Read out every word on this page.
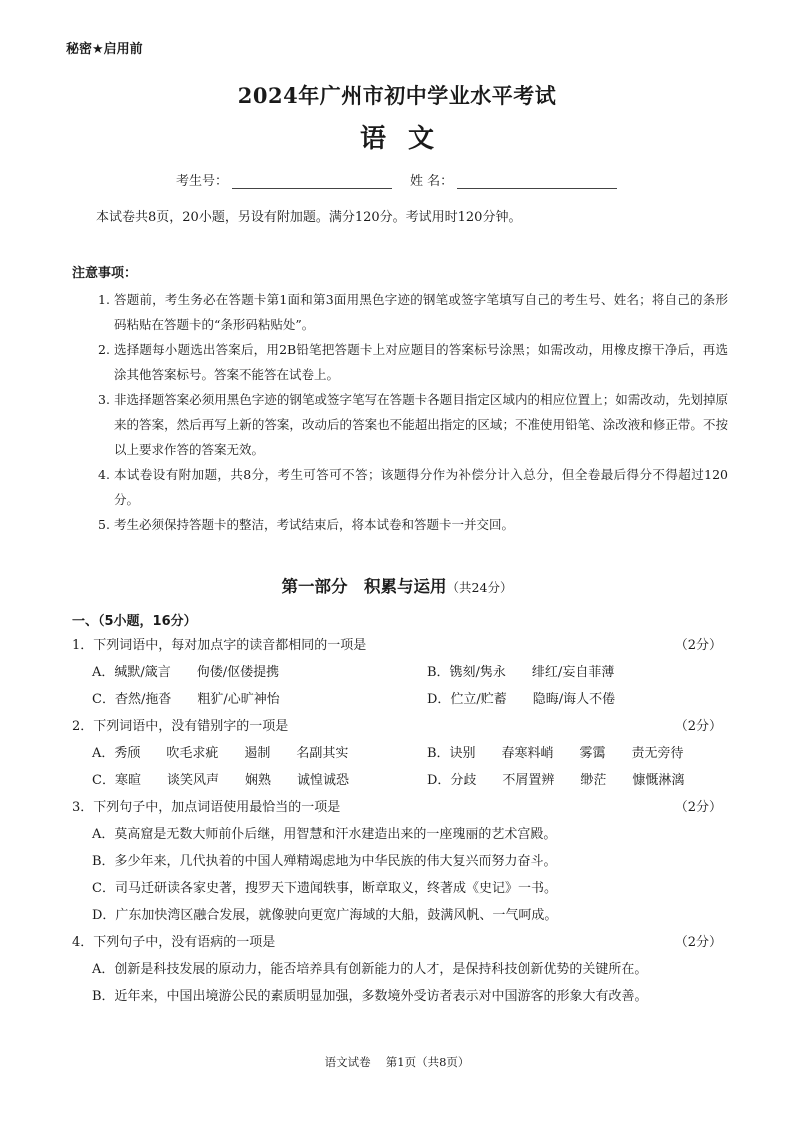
秘密★启用前
2024年广州市初中学业水平考试
语文
考生号：	姓 名：
本试卷共8页，20小题，另设有附加题。满分120分。考试用时120分钟。
注意事项：
1. 答题前，考生务必在答题卡第1面和第3面用黑色字迹的钢笔或签字笔填写自己的考生号、姓名；将自己的条形码粘贴在答题卡的“条形码粘贴处”。
2. 选择题每小题选出答案后，用2B铅笔把答题卡上对应题目的答案标号涂黑；如需改动，用橡皮擦干净后，再选涂其他答案标号。答案不能答在试卷上。
3. 非选择题答案必须用黑色字迹的钢笔或签字笔写在答题卡各题目指定区域内的相应位置上；如需改动，先划掉原来的答案，然后再写上新的答案，改动后的答案也不能超出指定的区域；不准使用铅笔、涂改液和修正带。不按以上要求作答的答案无效。
4. 本试卷设有附加题，共8分，考生可答可不答；该题得分作为补偿分计入总分，但全卷最后得分不得超过120分。
5. 考生必须保持答题卡的整洁，考试结束后，将本试卷和答题卡一并交回。
第一部分　积累与运用（共24分）
一、（5小题，16分）
1．下列词语中，每对加点字的读音都相同的一项是	（2分）
A．缄默/箴言　　佝偻/伛偻提携	B．镌刻/隽永　　绯红/妄自菲薄
C．杳然/拖沓　　粗犷/心旷神怡	D．伫立/贮蓄　　隐晦/诲人不倦
2．下列词语中，没有错别字的一项是	（2分）
A．秀颀　　吹毛求疵　　遏制　　名副其实	B．诀别　　春寒料峭　　雾霭　　责无旁待
C．寒暄　　谈笑风声　　娴熟　　诚惶诚恐	D．分歧　　不屑置辨　　缈茫　　慷慨淋漓
3．下列句子中，加点词语使用最恰当的一项是	（2分）
A．莫高窟是无数大师前仆后继，用智慧和汗水建造出来的一座瑰丽的艺术宫殿。
B．多少年来，几代执着的中国人殚精竭虑地为中华民族的伟大复兴而努力奋斗。
C．司马迁研读各家史著，搜罗天下遗闻轶事，断章取义，终著成《史记》一书。
D．广东加快湾区融合发展，就像驶向更宽广海域的大船，鼓满风帆、一气呵成。
4．下列句子中，没有语病的一项是	（2分）
A．创新是科技发展的原动力，能否培养具有创新能力的人才，是保持科技创新优势的关键所在。
B．近年来，中国出境游公民的素质明显加强，多数境外受访者表示对中国游客的形象大有改善。
语文试卷　 第1页（共8页）
